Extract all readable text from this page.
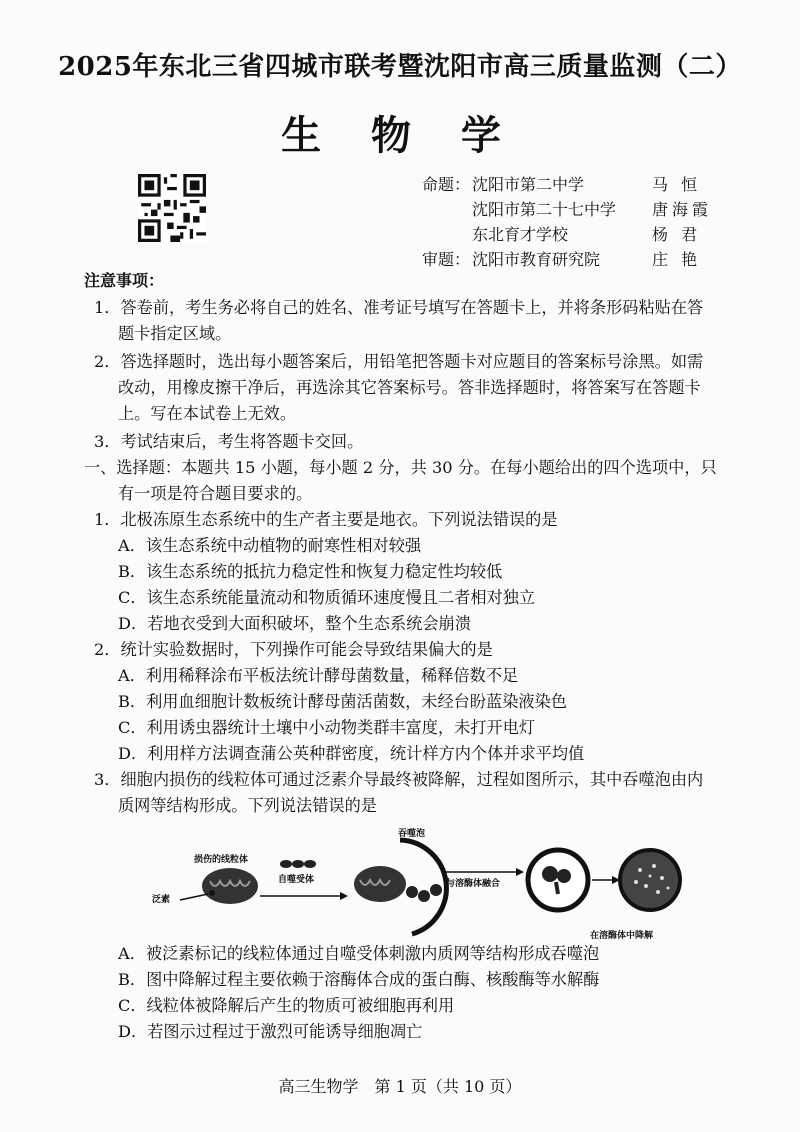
2025年东北三省四城市联考暨沈阳市高三质量监测（二）
生 物 学
命题： 沈阳市第二中学	马 恒
沈阳市第二十七中学 唐海霞
东北育才学校	杨 君
审题： 沈阳市教育研究院	庄 艳
注意事项：
1．答卷前，考生务必将自己的姓名、准考证号填写在答题卡上，并将条形码粘贴在答
题卡指定区域。
2．答选择题时，选出每小题答案后，用铅笔把答题卡对应题目的答案标号涂黑。如需
改动，用橡皮擦干净后，再选涂其它答案标号。答非选择题时，将答案写在答题卡
上。写在本试卷上无效。
3．考试结束后，考生将答题卡交回。
一、选择题：本题共 15 小题，每小题 2 分，共 30 分。在每小题给出的四个选项中，只
有一项是符合题目要求的。
1．北极冻原生态系统中的生产者主要是地衣。下列说法错误的是
A．该生态系统中动植物的耐寒性相对较强
B．该生态系统的抵抗力稳定性和恢复力稳定性均较低
C．该生态系统能量流动和物质循环速度慢且二者相对独立
D．若地衣受到大面积破坏，整个生态系统会崩溃
2．统计实验数据时，下列操作可能会导致结果偏大的是
A．利用稀释涂布平板法统计酵母菌数量，稀释倍数不足
B．利用血细胞计数板统计酵母菌活菌数，未经台盼蓝染液染色
C．利用诱虫器统计土壤中小动物类群丰富度，未打开电灯
D．利用样方法调查蒲公英种群密度，统计样方内个体并求平均值
3．细胞内损伤的线粒体可通过泛素介导最终被降解，过程如图所示，其中吞噬泡由内
质网等结构形成。下列说法错误的是
损伤的线粒体
泛素
自噬受体
吞噬泡
与溶酶体融合
在溶酶体中降解
A．被泛素标记的线粒体通过自噬受体刺激内质网等结构形成吞噬泡
B．图中降解过程主要依赖于溶酶体合成的蛋白酶、核酸酶等水解酶
C．线粒体被降解后产生的物质可被细胞再利用
D．若图示过程过于激烈可能诱导细胞凋亡
高三生物学　第 1 页（共 10 页）
